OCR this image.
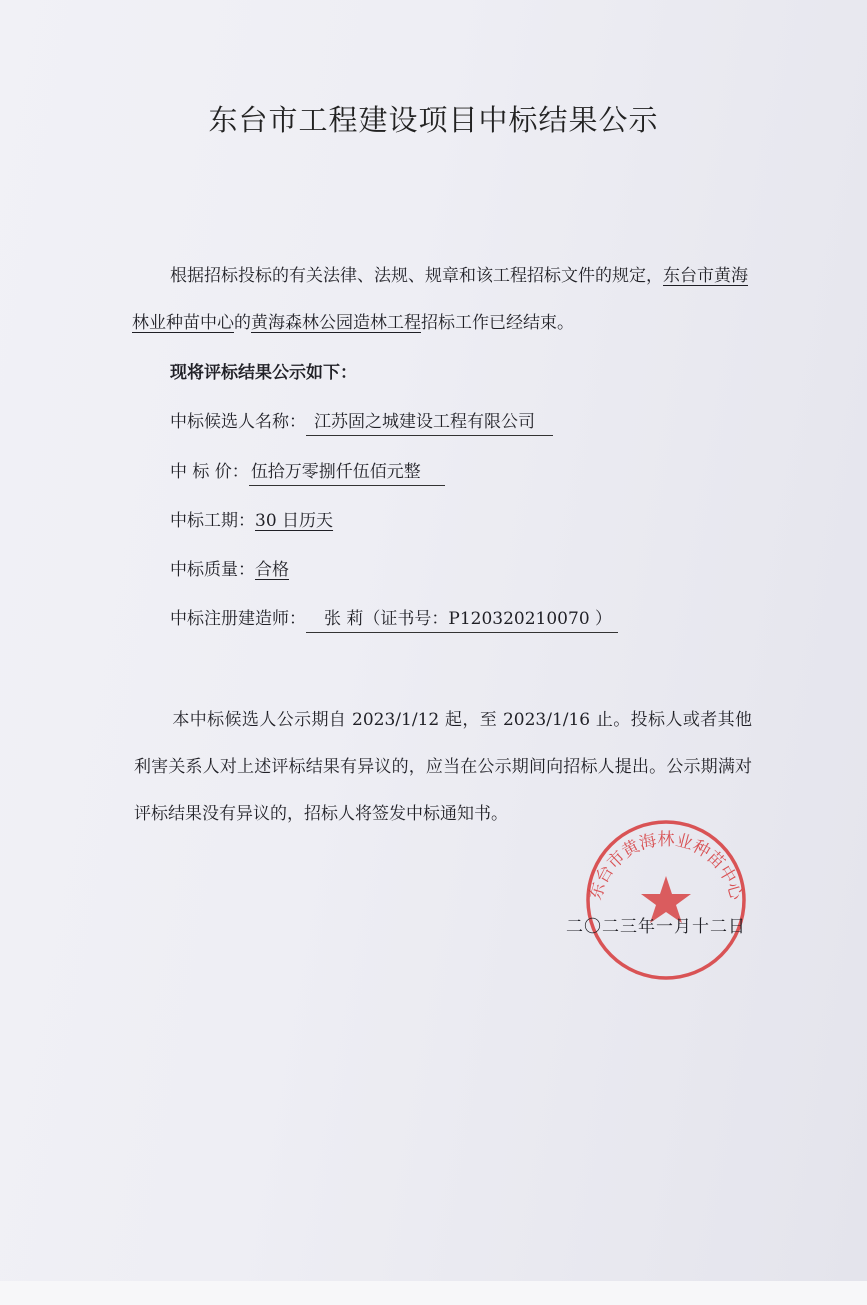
东台市工程建设项目中标结果公示

根据招标投标的有关法律、法规、规章和该工程招标文件的规定，东台市黄海林业种苗中心的黄海森林公园造林工程招标工作已经结束。

现将评标结果公示如下：
中标候选人名称： 江苏固之城建设工程有限公司
中 标 价： 伍拾万零捌仟伍佰元整
中标工期：30 日历天
中标质量：合格
中标注册建造师： 张 莉（证书号：P120320210070 ）

本中标候选人公示期自 2023/1/12 起，至 2023/1/16 止。投标人或者其他利害关系人对上述评标结果有异议的，应当在公示期间向招标人提出。公示期满对评标结果没有异议的，招标人将签发中标通知书。

东台市黄海林业种苗中心
二〇二三年一月十二日
